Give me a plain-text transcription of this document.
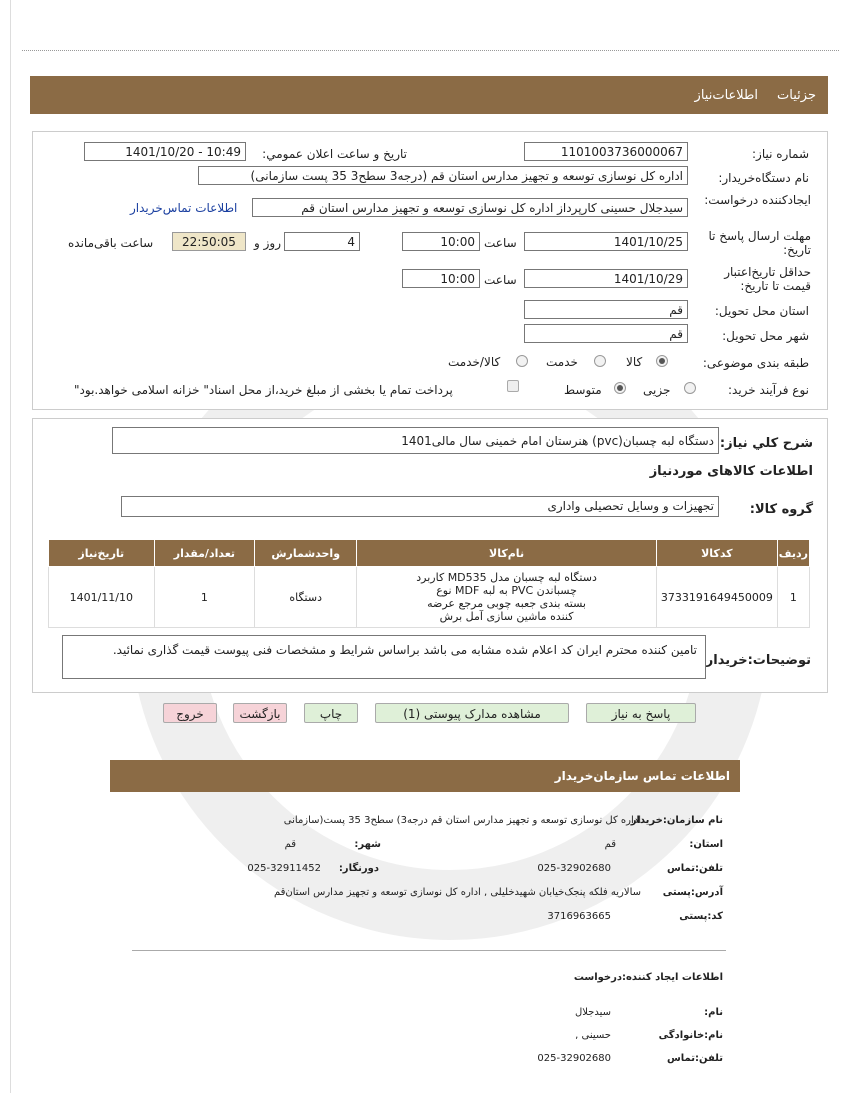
جزئیات
اطلاعات‌نیاز
شماره نیاز:
1101003736000067
تاریخ و ساعت اعلان عمومي:
1401/10/20 - 10:49
نام دستگاه‌خریدار:
اداره کل نوسازی توسعه و تجهیز مدارس استان قم (درجه3 سطح3 35 پست سازمانی)
ایجادکننده درخواست:
سیدجلال حسینی کارپرداز اداره کل نوسازی توسعه و تجهیز مدارس استان قم
اطلاعات تماس‌خریدار
مهلت ارسال پاسخ تا تاریخ:
1401/10/25
ساعت
10:00
4
روز و
22:50:05
ساعت باقی‌مانده
حداقل تاریخ‌اعتبار قیمت تا تاریخ:
1401/10/29
ساعت
10:00
استان محل تحویل:
قم
شهر محل تحویل:
قم
طبقه بندی موضوعی:
کالا
خدمت
کالا/خدمت
نوع فرآیند خرید:
جزیی
متوسط
پرداخت تمام یا بخشی از مبلغ خرید،از محل اسناد" خزانه اسلامی خواهد.بود"
شرح کلي نياز:
دستگاه لبه چسبان(pvc) هنرستان امام خمینی سال مالی1401
اطلاعات کالاهای موردنیاز
گروه کالا:
تجهیزات و وسایل تحصیلی واداری
تاریخ‌نیاز	تعداد/مقدار	واحدشمارش	نام‌کالا	کدکالا	ردیف
1401/11/10	1	دستگاه	دستگاه لبه چسبان مدل MD535 کاربرد
چسباندن PVC به لبه MDF نوع
بسته بندی جعبه چوبی مرجع عرضه
کننده ماشین سازی آمل برش	3733191649450009	1
توضیحات:خریدار
تامین کننده محترم ایران کد اعلام شده مشابه می باشد براساس شرایط و مشخصات فنی پیوست قیمت گذاری نمائید.
پاسخ به نیاز
مشاهده مدارک پیوستی (1)
چاپ
بازگشت
خروج
اطلاعات تماس سازمان‌خریدار
نام سازمان:خریدار
اداره کل نوسازی توسعه و تجهیز مدارس استان قم درجه3) سطح3 35 پست(سازمانی
استان:
قم
شهر:
قم
تلفن:تماس
025-32902680
دورنگار:
025-32911452
آدرس:پستی
سالاریه فلکه پنجک‌خیابان شهیدخلیلی , اداره کل نوسازی توسعه و تجهیز مدارس استان‌قم
کد:پستی
3716963665
اطلاعات ایجاد کننده:درخواست
نام:
سیدجلال
نام:خانوادگی
حسینی ,
تلفن:تماس
025-32902680
